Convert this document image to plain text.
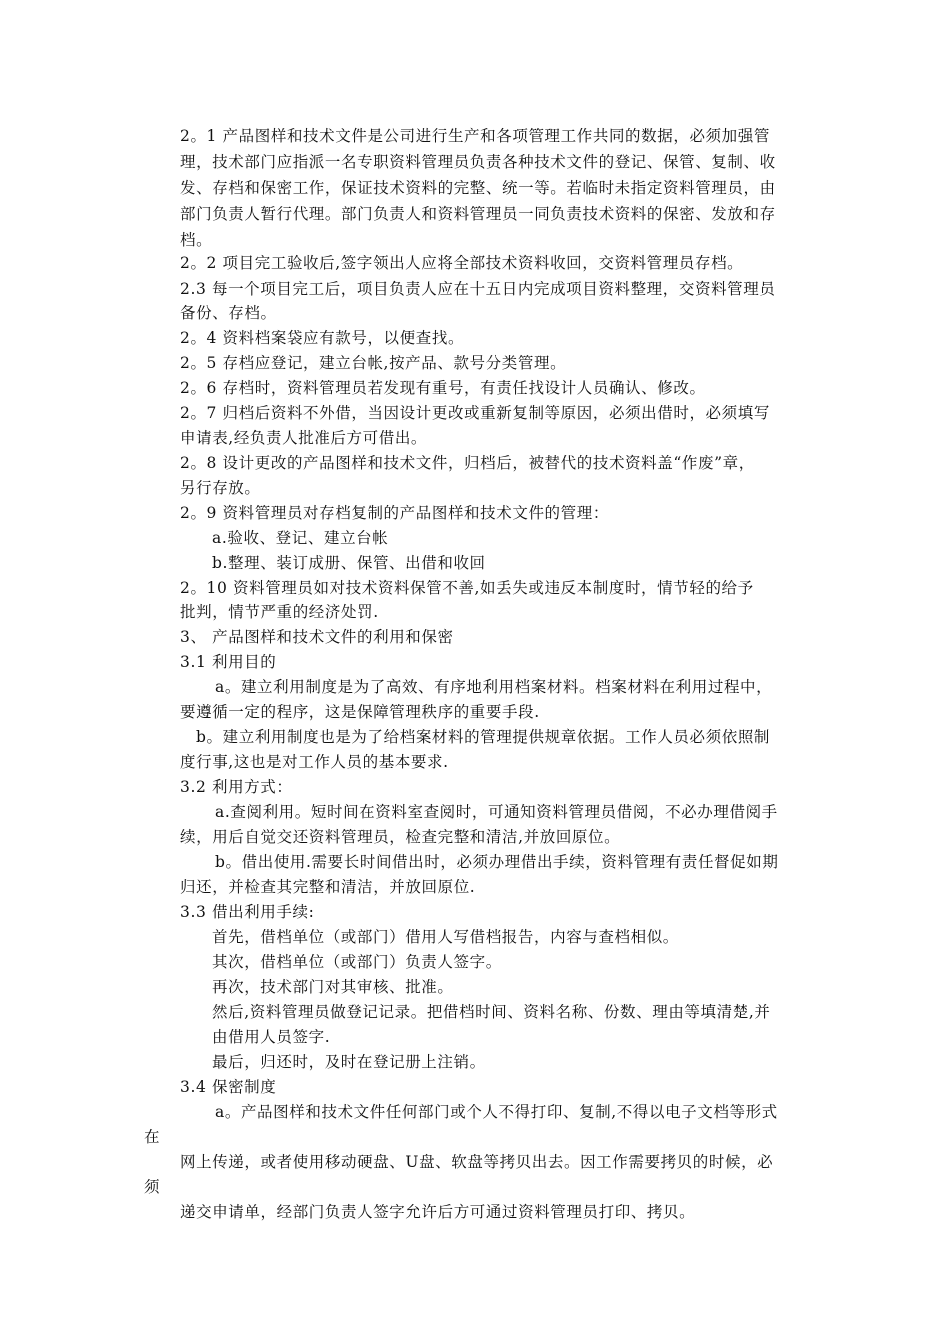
2。1 产品图样和技术文件是公司进行生产和各项管理工作共同的数据，必须加强管
理，技术部门应指派一名专职资料管理员负责各种技术文件的登记、保管、复制、收
发、存档和保密工作，保证技术资料的完整、统一等。若临时未指定资料管理员，由
部门负责人暂行代理。部门负责人和资料管理员一同负责技术资料的保密、发放和存
档。
2。2 项目完工验收后,签字领出人应将全部技术资料收回，交资料管理员存档。
2.3 每一个项目完工后，项目负责人应在十五日内完成项目资料整理，交资料管理员
备份、存档。
2。4 资料档案袋应有款号，以便查找。
2。5 存档应登记，建立台帐,按产品、款号分类管理。
2。6 存档时，资料管理员若发现有重号，有责任找设计人员确认、修改。
2。7 归档后资料不外借，当因设计更改或重新复制等原因，必须出借时，必须填写
申请表,经负责人批准后方可借出。
2。8 设计更改的产品图样和技术文件，归档后，被替代的技术资料盖“作废”章，
另行存放。
2。9 资料管理员对存档复制的产品图样和技术文件的管理：
a.验收、登记、建立台帐
b.整理、装订成册、保管、出借和收回
2。10 资料管理员如对技术资料保管不善,如丢失或违反本制度时，情节轻的给予
批判，情节严重的经济处罚.
3、 产品图样和技术文件的利用和保密
3.1 利用目的
a。建立利用制度是为了高效、有序地利用档案材料。档案材料在利用过程中，
要遵循一定的程序，这是保障管理秩序的重要手段.
b。建立利用制度也是为了给档案材料的管理提供规章依据。工作人员必须依照制
度行事,这也是对工作人员的基本要求.
3.2 利用方式：
a.查阅利用。短时间在资料室查阅时，可通知资料管理员借阅，不必办理借阅手
续，用后自觉交还资料管理员，检查完整和清洁,并放回原位。
b。借出使用.需要长时间借出时，必须办理借出手续，资料管理有责任督促如期
归还，并检查其完整和清洁，并放回原位.
3.3 借出利用手续:
首先，借档单位（或部门）借用人写借档报告，内容与查档相似。
其次，借档单位（或部门）负责人签字。
再次，技术部门对其审核、批准。
然后,资料管理员做登记记录。把借档时间、资料名称、份数、理由等填清楚,并
由借用人员签字.
最后，归还时，及时在登记册上注销。
3.4 保密制度
a。产品图样和技术文件任何部门或个人不得打印、复制,不得以电子文档等形式
在
网上传递，或者使用移动硬盘、U盘、软盘等拷贝出去。因工作需要拷贝的时候，必
须
递交申请单，经部门负责人签字允许后方可通过资料管理员打印、拷贝。
